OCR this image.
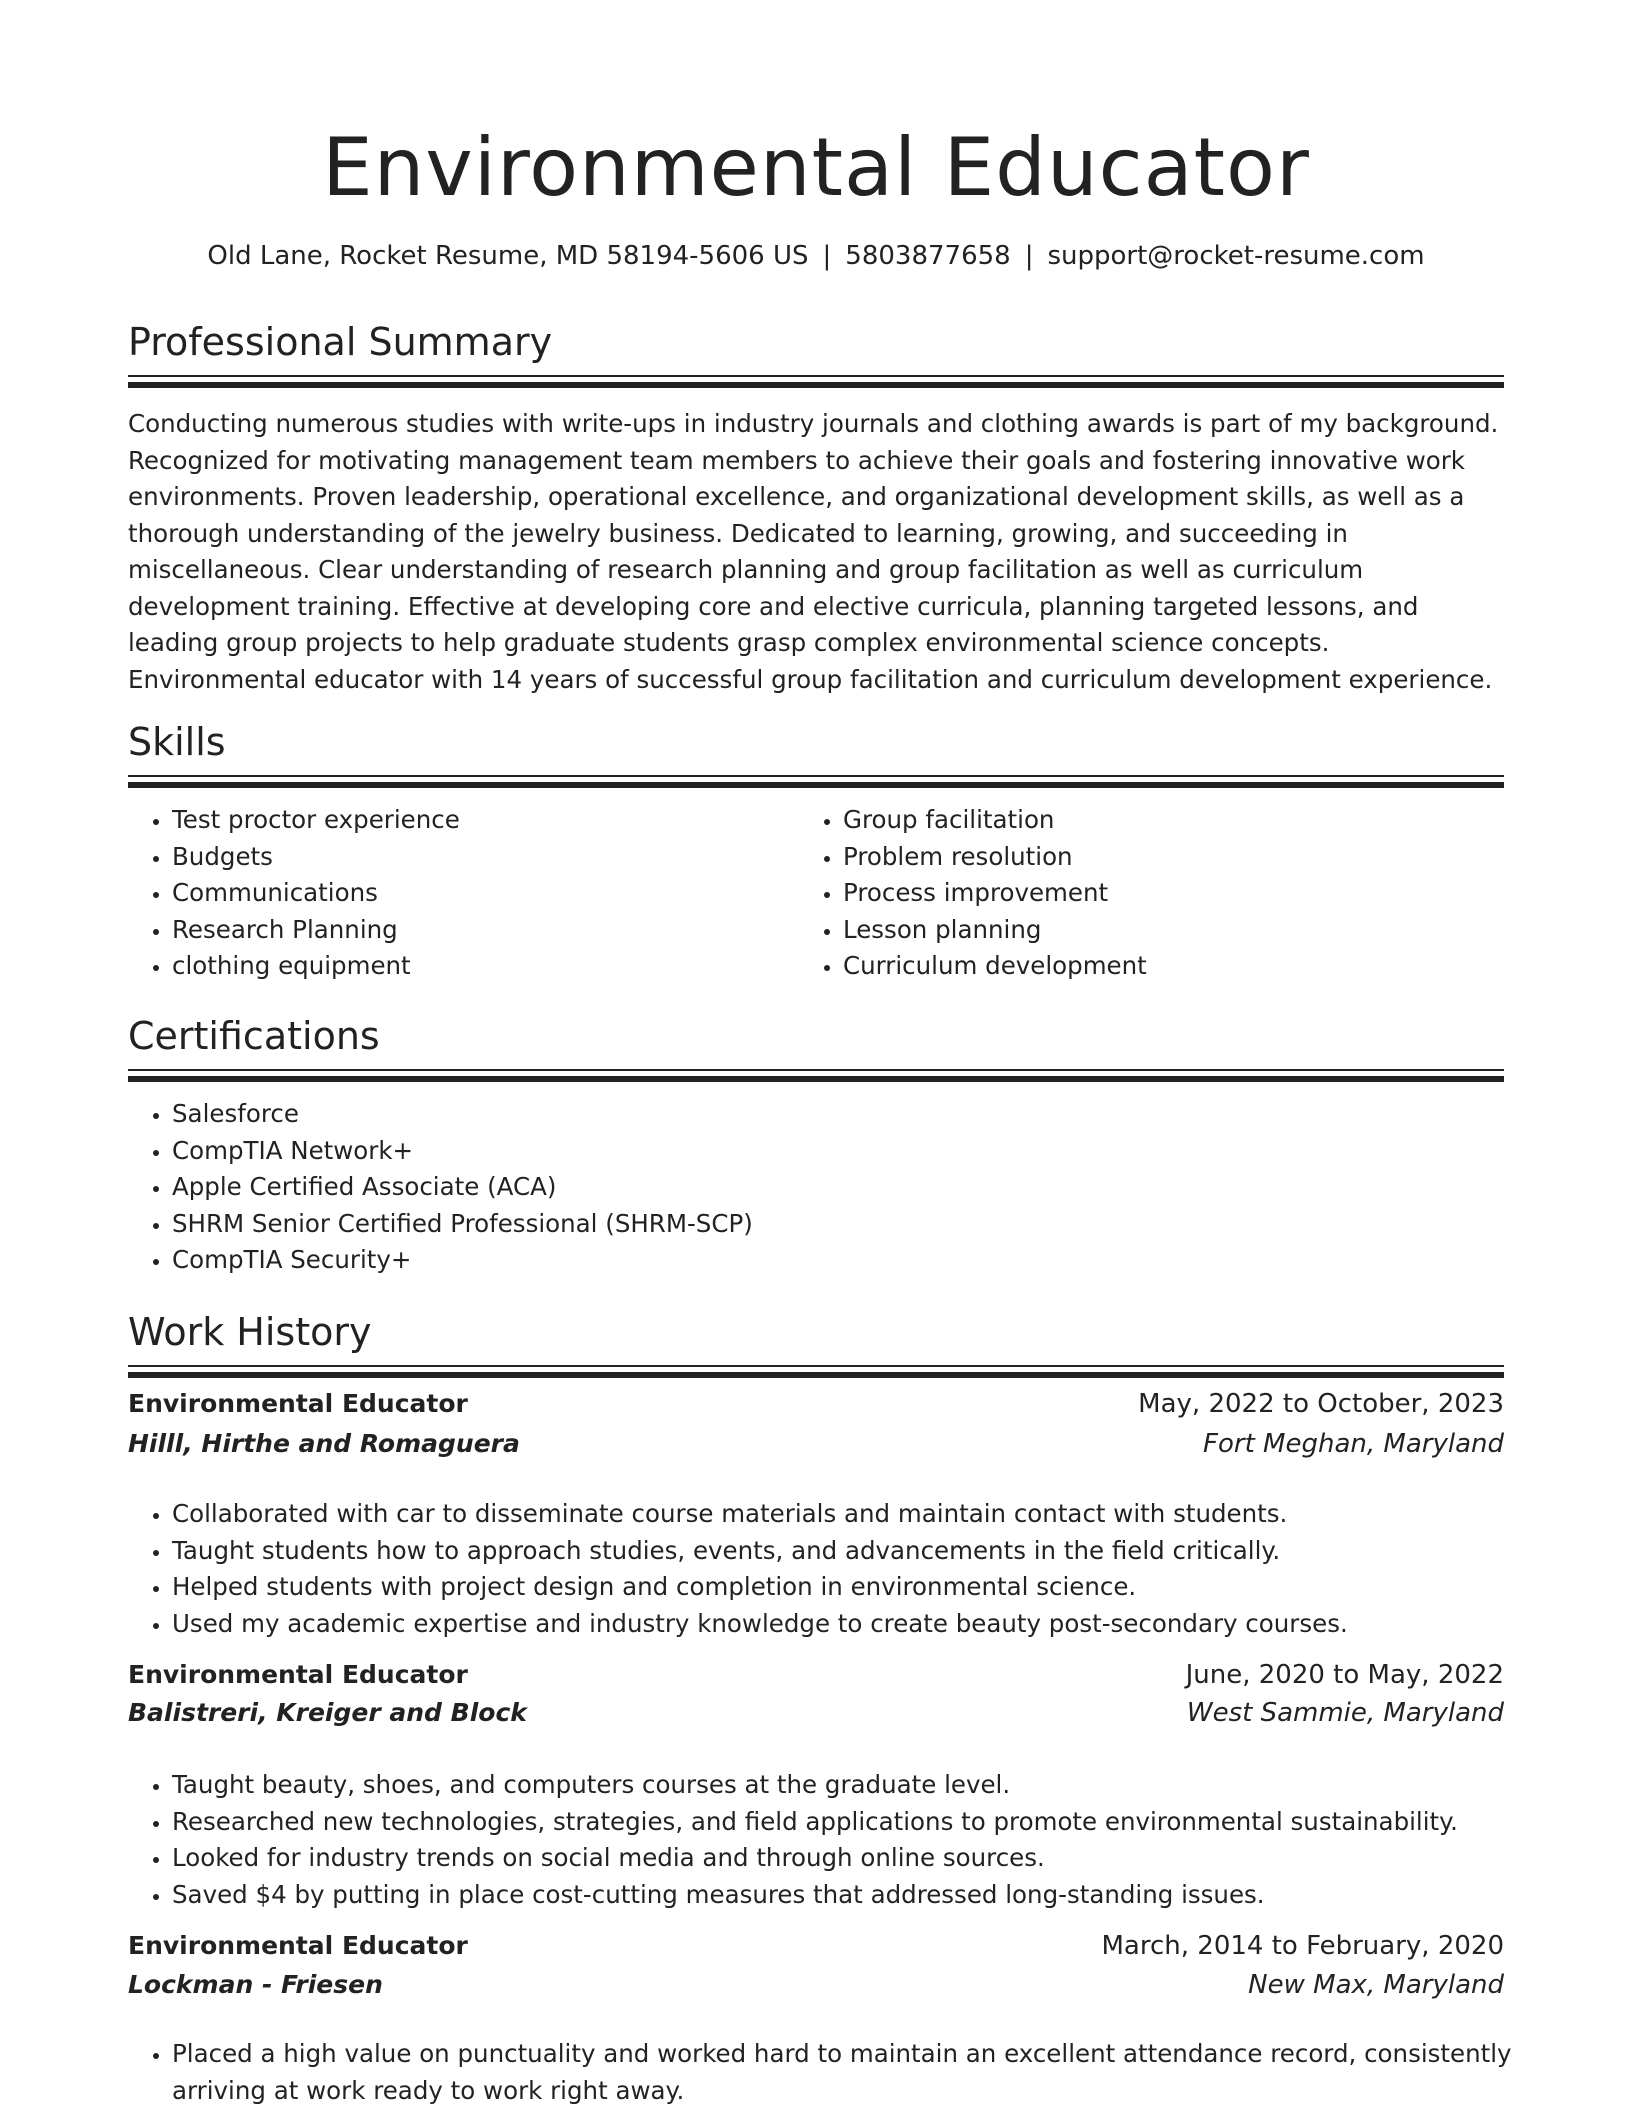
Environmental Educator
Old Lane, Rocket Resume, MD 58194-5606 US | 5803877658 | support@rocket-resume.com
Professional Summary

Conducting numerous studies with write-ups in industry journals and clothing awards is part of my background. Recognized for motivating management team members to achieve their goals and fostering innovative work environments. Proven leadership, operational excellence, and organizational development skills, as well as a thorough understanding of the jewelry business. Dedicated to learning, growing, and succeeding in miscellaneous. Clear understanding of research planning and group facilitation as well as curriculum development training. Effective at developing core and elective curricula, planning targeted lessons, and leading group projects to help graduate students grasp complex environmental science concepts. Environmental educator with 14 years of successful group facilitation and curriculum development experience.

Skills
• Test proctor experience
• Budgets
• Communications
• Research Planning
• clothing equipment
• Group facilitation
• Problem resolution
• Process improvement
• Lesson planning
• Curriculum development
Certifications
• Salesforce
• CompTIA Network+
• Apple Certified Associate (ACA)
• SHRM Senior Certified Professional (SHRM-SCP)
• CompTIA Security+
Work History
Environmental Educator	May, 2022 to October, 2023
Hilll, Hirthe and Romaguera	Fort Meghan, Maryland
• Collaborated with car to disseminate course materials and maintain contact with students.
• Taught students how to approach studies, events, and advancements in the field critically.
• Helped students with project design and completion in environmental science.
• Used my academic expertise and industry knowledge to create beauty post-secondary courses.
Environmental Educator	June, 2020 to May, 2022
Balistreri, Kreiger and Block	West Sammie, Maryland
• Taught beauty, shoes, and computers courses at the graduate level.
• Researched new technologies, strategies, and field applications to promote environmental sustainability.
• Looked for industry trends on social media and through online sources.
• Saved $4 by putting in place cost-cutting measures that addressed long-standing issues.
Environmental Educator	March, 2014 to February, 2020
Lockman - Friesen	New Max, Maryland
• Placed a high value on punctuality and worked hard to maintain an excellent attendance record, consistently arriving at work ready to work right away.
